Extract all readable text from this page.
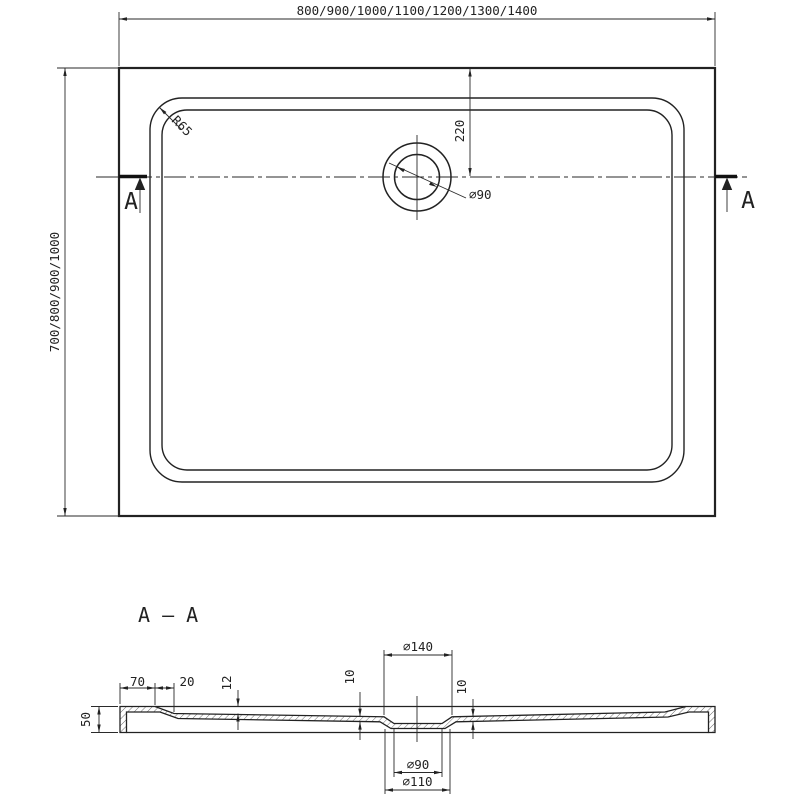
800/900/1000/1100/1200/1300/1400
700/800/900/1000
220
⌀90
R65
A	A
A – A
50
70	20 12	10
10
⌀140
⌀90
⌀110
